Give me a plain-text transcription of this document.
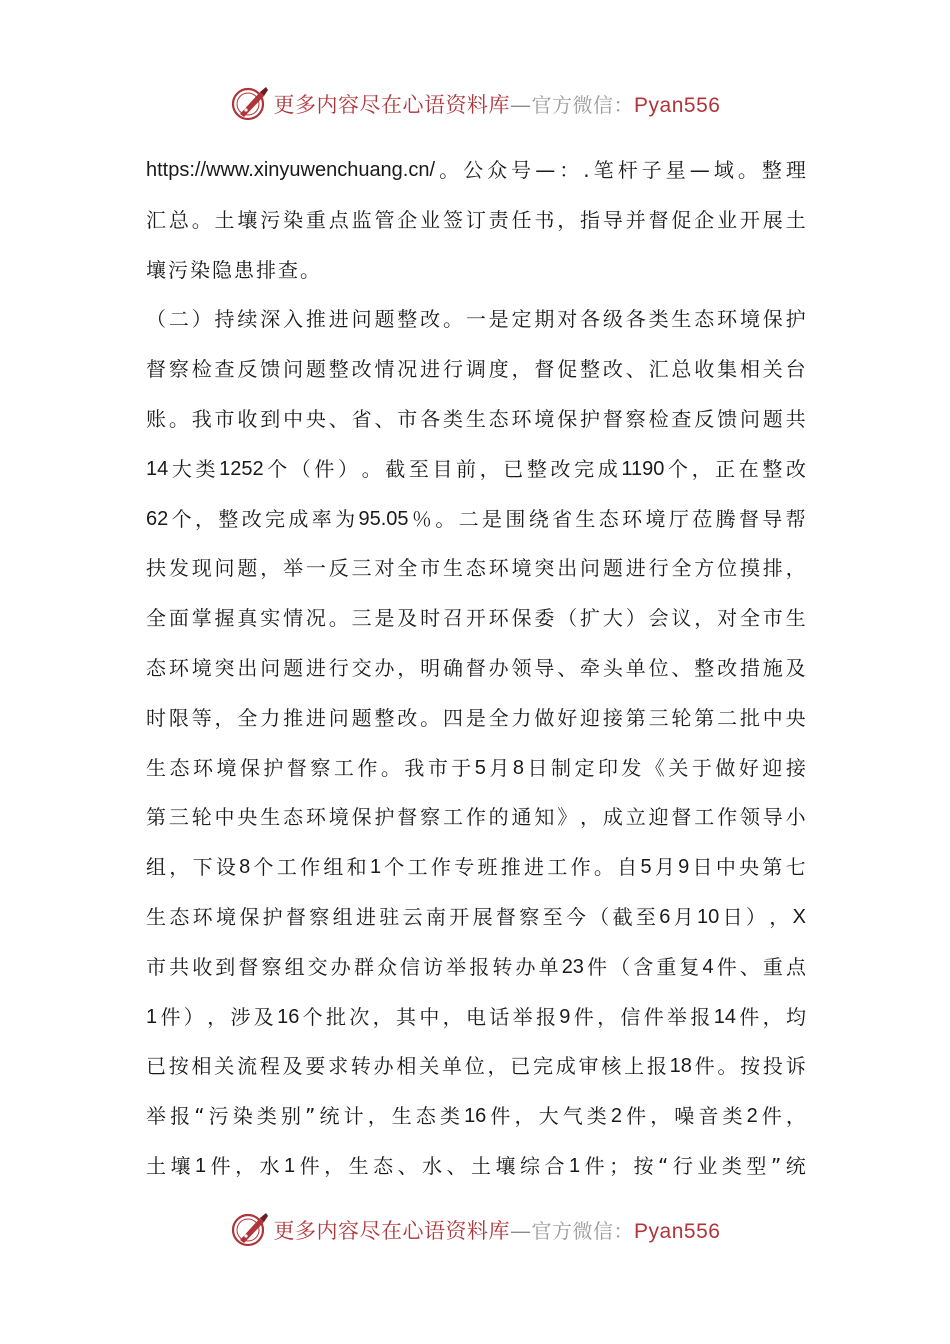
更多内容尽在心语资料库—官方微信：Pyan556
https://www.xinyuwenchuang.cn/ 。 公 众 号 — ： . 笔 杆 子 星 — 域 。 整 理
汇 总 。 土 壤 污 染 重 点 监 管 企 业 签 订 责 任 书 ， 指 导 并 督 促 企 业 开 展 土
壤污染隐患排查。
（ 二 ） 持 续 深 入 推 进 问 题 整 改 。 一 是 定 期 对 各 级 各 类 生 态 环 境 保 护
督 察 检 查 反 馈 问 题 整 改 情 况 进 行 调 度 ， 督 促 整 改 、 汇 总 收 集 相 关 台
账 。 我 市 收 到 中 央 、 省 、 市 各 类 生 态 环 境 保 护 督 察 检 查 反 馈 问 题 共
14 大 类 1252 个 （ 件 ） 。 截 至 目 前 ， 已 整 改 完 成 1190 个 ， 正 在 整 改
62 个 ， 整 改 完 成 率 为 95.05 ％ 。 二 是 围 绕 省 生 态 环 境 厅 莅 腾 督 导 帮
扶 发 现 问 题 ， 举 一 反 三 对 全 市 生 态 环 境 突 出 问 题 进 行 全 方 位 摸 排 ，
全 面 掌 握 真 实 情 况 。 三 是 及 时 召 开 环 保 委 （ 扩 大 ） 会 议 ， 对 全 市 生
态 环 境 突 出 问 题 进 行 交 办 ， 明 确 督 办 领 导 、 牵 头 单 位 、 整 改 措 施 及
时 限 等 ， 全 力 推 进 问 题 整 改 。 四 是 全 力 做 好 迎 接 第 三 轮 第 二 批 中 央
生 态 环 境 保 护 督 察 工 作 。 我 市 于 5 月 8 日 制 定 印 发 《 关 于 做 好 迎 接
第 三 轮 中 央 生 态 环 境 保 护 督 察 工 作 的 通 知 》 ， 成 立 迎 督 工 作 领 导 小
组 ， 下 设 8 个 工 作 组 和 1 个 工 作 专 班 推 进 工 作 。 自 5 月 9 日 中 央 第 七
生 态 环 境 保 护 督 察 组 进 驻 云 南 开 展 督 察 至 今 （ 截 至 6 月 10 日 ） ， X
市 共 收 到 督 察 组 交 办 群 众 信 访 举 报 转 办 单 23 件 （ 含 重 复 4 件 、 重 点
1 件 ） ， 涉 及 16 个 批 次 ， 其 中 ， 电 话 举 报 9 件 ， 信 件 举 报 14 件 ， 均
已 按 相 关 流 程 及 要 求 转 办 相 关 单 位 ， 已 完 成 审 核 上 报 18 件 。 按 投 诉
举 报 “ 污 染 类 别 ” 统 计 ， 生 态 类 16 件 ， 大 气 类 2 件 ， 噪 音 类 2 件 ，
土 壤 1 件 ， 水 1 件 ， 生 态 、 水 、 土 壤 综 合 1 件 ； 按 “ 行 业 类 型 ” 统
更多内容尽在心语资料库—官方微信：Pyan556
